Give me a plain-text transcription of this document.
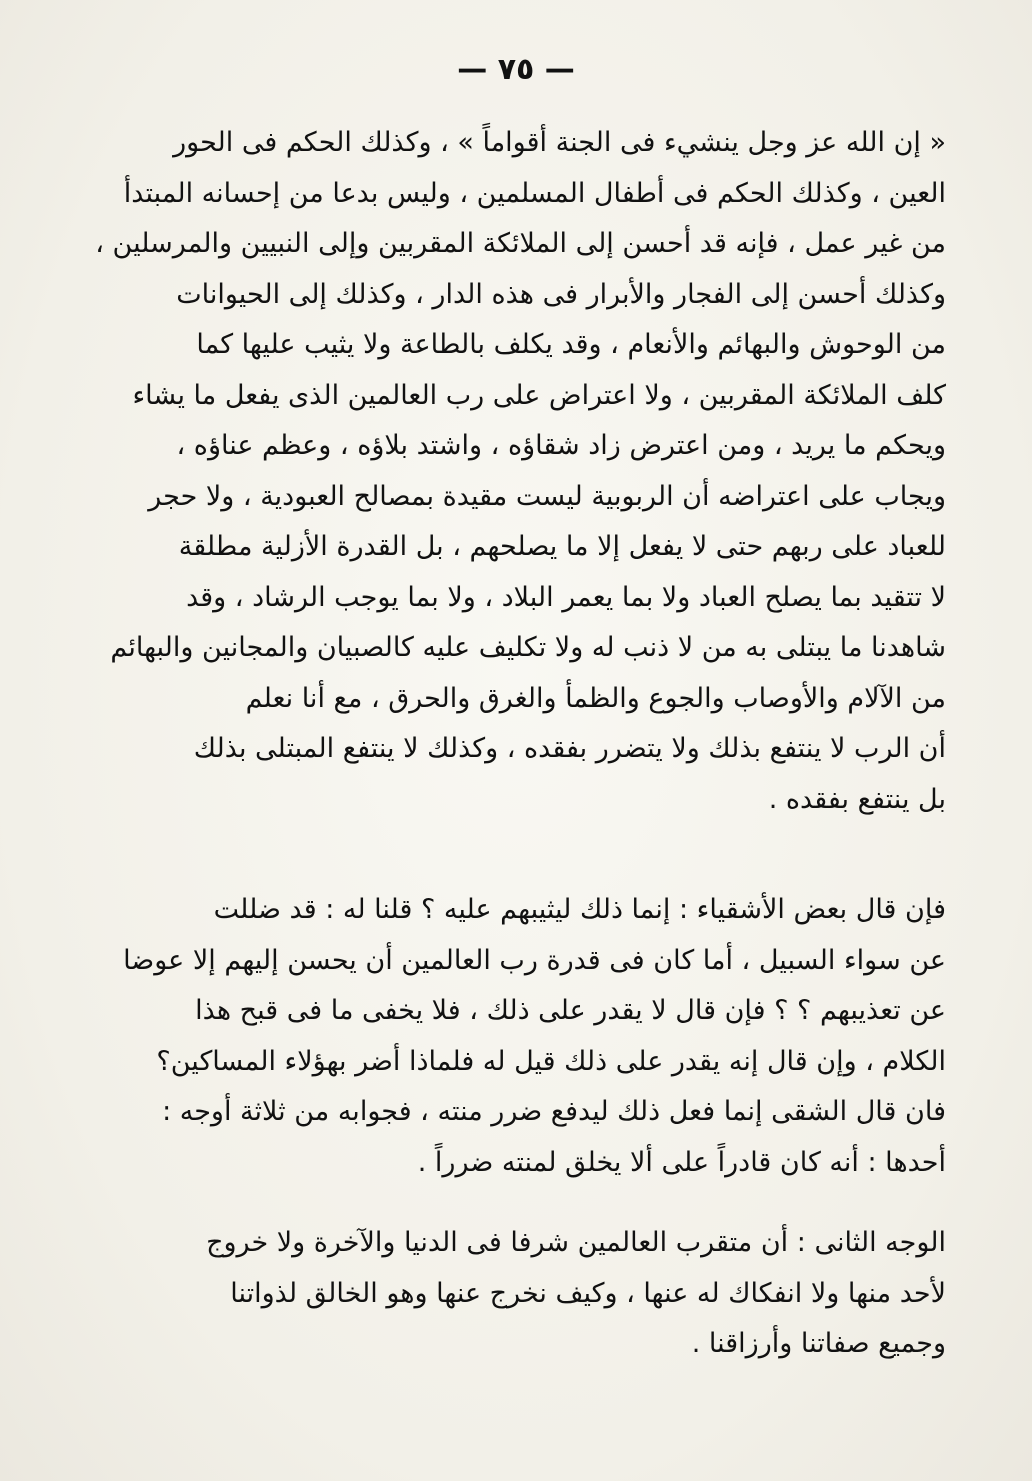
— ٧٥ —
« إن الله عز وجل ينشيء فى الجنة أقواماً » ، وكذلك الحكم فى الحور
العين ، وكذلك الحكم فى أطفال المسلمين ، وليس بدعا من إحسانه المبتدأ
من غير عمل ، فإنه قد أحسن إلى الملائكة المقربين وإلى النبيين والمرسلين ،
وكذلك أحسن إلى الفجار والأبرار فى هذه الدار ، وكذلك إلى الحيوانات
من الوحوش والبهائم والأنعام ، وقد يكلف بالطاعة ولا يثيب عليها كما
كلف الملائكة المقربين ، ولا اعتراض على رب العالمين الذى يفعل ما يشاء
ويحكم ما يريد ، ومن اعترض زاد شقاؤه ، واشتد بلاؤه ، وعظم عناؤه ،
ويجاب على اعتراضه أن الربوبية ليست مقيدة بمصالح العبودية ، ولا حجر
للعباد على ربهم حتى لا يفعل إلا ما يصلحهم ، بل القدرة الأزلية مطلقة
لا تتقيد بما يصلح العباد ولا بما يعمر البلاد ، ولا بما يوجب الرشاد ، وقد
شاهدنا ما يبتلى به من لا ذنب له ولا تكليف عليه كالصبيان والمجانين والبهائم
من الآلام والأوصاب والجوع والظمأ والغرق والحرق ، مع أنا نعلم
أن الرب لا ينتفع بذلك ولا يتضرر بفقده ، وكذلك لا ينتفع المبتلى بذلك
بل ينتفع بفقده .
فإن قال بعض الأشقياء : إنما ذلك ليثيبهم عليه ؟ قلنا له : قد ضللت
عن سواء السبيل ، أما كان فى قدرة رب العالمين أن يحسن إليهم إلا عوضا
عن تعذيبهم ؟ ؟ فإن قال لا يقدر على ذلك ، فلا يخفى ما فى قبح هذا
الكلام ، وإن قال إنه يقدر على ذلك قيل له فلماذا أضر بهؤلاء المساكين؟
فان قال الشقى إنما فعل ذلك ليدفع ضرر منته ، فجوابه من ثلاثة أوجه :
أحدها : أنه كان قادراً على ألا يخلق لمنته ضرراً .
الوجه الثانى : أن متقرب العالمين شرفا فى الدنيا والآخرة ولا خروج
لأحد منها ولا انفكاك له عنها ، وكيف نخرج عنها وهو الخالق لذواتنا
وجميع صفاتنا وأرزاقنا .
